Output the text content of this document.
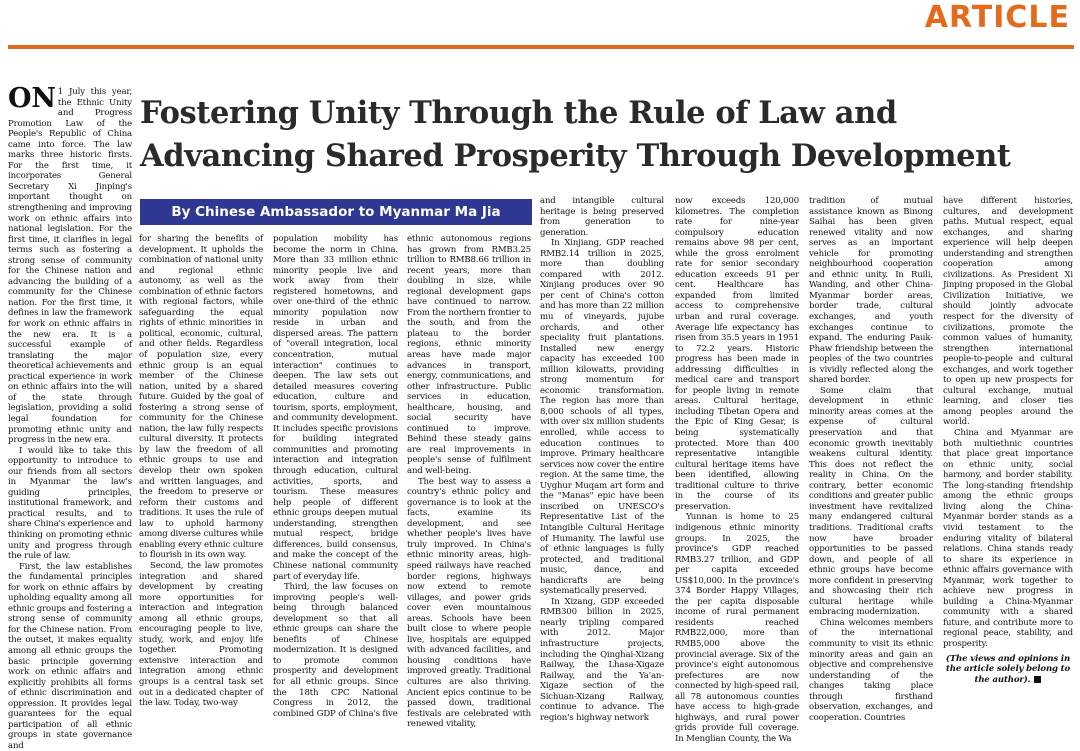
ARTICLE
Fostering Unity Through the Rule of Law and Advancing Shared Prosperity Through Development
By Chinese Ambassador to Myanmar Ma Jia

ON 1 July this year, the Ethnic Unity and Progress Promotion Law of the People's Republic of China came into force. The law marks three historic firsts. For the first time, it incorporates General Secretary Xi Jinping's important thought on strengthening and improving work on ethnic affairs into national legislation. For the first time, it clarifies in legal terms such as fostering a strong sense of community for the Chinese nation and advancing the building of a community for the Chinese nation. For the first time, it defines in law the framework for work on ethnic affairs in the new era. It is a successful example of translating the major theoretical achievements and practical experience in work on ethnic affairs into the will of the state through legislation, providing a solid legal foundation for promoting ethnic unity and progress in the new era.

I would like to take this opportunity to introduce to our friends from all sectors in Myanmar the law's guiding principles, institutional framework, and practical results, and to share China's experience and thinking on promoting ethnic unity and progress through the rule of law.

First, the law establishes the fundamental principles for work on ethnic affairs by upholding equality among all ethnic groups and fostering a strong sense of community for the Chinese nation. From the outset, it makes equality among all ethnic groups the basic principle governing work on ethnic affairs and explicitly prohibits all forms of ethnic discrimination and oppression. It provides legal guarantees for the equal participation of all ethnic groups in state governance and

for sharing the benefits of development. It upholds the combination of national unity and regional ethnic autonomy, as well as the combination of ethnic factors with regional factors, while safeguarding the equal rights of ethnic minorities in political, economic, cultural, and other fields. Regardless of population size, every ethnic group is an equal member of the Chinese nation, united by a shared future. Guided by the goal of fostering a strong sense of community for the Chinese nation, the law fully respects cultural diversity. It protects by law the freedom of all ethnic groups to use and develop their own spoken and written languages, and the freedom to preserve or reform their customs and traditions. It uses the rule of law to uphold harmony among diverse cultures while enabling every ethnic culture to flourish in its own way.

Second, the law promotes integration and shared development by creating more opportunities for interaction and integration among all ethnic groups, encouraging people to live, study, work, and enjoy life together. Promoting extensive interaction and integration among ethnic groups is a central task set out in a dedicated chapter of the law. Today, two-way

population mobility has become the norm in China. More than 33 million ethnic minority people live and work away from their registered hometowns, and over one-third of the ethnic minority population now reside in urban and dispersed areas. The pattern of "overall integration, local concentration, mutual interaction" continues to deepen. The law sets out detailed measures covering education, culture and tourism, sports, employment, and community development. It includes specific provisions for building integrated communities and promoting interaction and integration through education, cultural activities, sports, and tourism. These measures help people of different ethnic groups deepen mutual understanding, strengthen mutual respect, bridge differences, build consensus, and make the concept of the Chinese national community part of everyday life.

Third, the law focuses on improving people's well-being through balanced development so that all ethnic groups can share the benefits of Chinese modernization. It is designed to promote common prosperity and development for all ethnic groups. Since the 18th CPC National Congress in 2012, the combined GDP of China's five

ethnic autonomous regions has grown from RMB3.25 trillion to RMB8.66 trillion in recent years, more than doubling in size, while regional development gaps have continued to narrow. From the northern frontier to the south, and from the plateau to the border regions, ethnic minority areas have made major advances in transport, energy, communications, and other infrastructure. Public services in education, healthcare, housing, and social security have continued to improve. Behind these steady gains are real improvements in people's sense of fulfilment and well-being.

The best way to assess a country's ethnic policy and governance is to look at the facts, examine its development, and see whether people's lives have truly improved. In China's ethnic minority areas, high-speed railways have reached border regions, highways now extend to remote villages, and power grids cover even mountainous areas. Schools have been built close to where people live, hospitals are equipped with advanced facilities, and housing conditions have improved greatly. Traditional cultures are also thriving. Ancient epics continue to be passed down, traditional festivals are celebrated with renewed vitality,

and intangible cultural heritage is being preserved from generation to generation.

In Xinjiang, GDP reached RMB2.14 trillion in 2025, more than doubling compared with 2012. Xinjiang produces over 90 per cent of China's cotton and has more than 22 million mu of vineyards, jujube orchards, and other speciality fruit plantations. Installed new energy capacity has exceeded 100 million kilowatts, providing strong momentum for economic transformation. The region has more than 8,000 schools of all types, with over six million students enrolled, while access to education continues to improve. Primary healthcare services now cover the entire region. At the same time, the Uyghur Muqam art form and the "Manas" epic have been inscribed on UNESCO's Representative List of the Intangible Cultural Heritage of Humanity. The lawful use of ethnic languages is fully protected, and traditional music, dance, and handicrafts are being systematically preserved.

In Xizang, GDP exceeded RMB300 billion in 2025, nearly tripling compared with 2012. Major infrastructure projects, including the Qinghai-Xizang Railway, the Lhasa-Xigaze Railway, and the Ya'an-Xigaze section of the Sichuan-Xizang Railway, continue to advance. The region's highway network

now exceeds 120,000 kilometres. The completion rate for nine-year compulsory education remains above 98 per cent, while the gross enrolment rate for senior secondary education exceeds 91 per cent. Healthcare has expanded from limited access to comprehensive urban and rural coverage. Average life expectancy has risen from 35.5 years in 1951 to 72.2 years. Historic progress has been made in addressing difficulties in medical care and transport for people living in remote areas. Cultural heritage, including Tibetan Opera and the Epic of King Gesar, is being systematically protected. More than 400 representative intangible cultural heritage items have been identified, allowing traditional culture to thrive in the course of its preservation.

Yunnan is home to 25 indigenous ethnic minority groups. In 2025, the province's GDP reached RMB3.27 trillion, and GDP per capita exceeded US$10,000. In the province's 374 Border Happy Villages, the per capita disposable income of rural permanent residents reached RMB22,000, more than RMB5,000 above the provincial average. Six of the province's eight autonomous prefectures are now connected by high-speed rail, all 78 autonomous counties have access to high-grade highways, and rural power grids provide full coverage. In Menglian County, the Wa

tradition of mutual assistance known as Binong Saihai has been given renewed vitality and now serves as an important vehicle for promoting neighbourhood cooperation and ethnic unity. In Ruili, Wanding, and other China-Myanmar border areas, border trade, cultural exchanges, and youth exchanges continue to expand. The enduring Pauk-Phaw friendship between the peoples of the two countries is vividly reflected along the shared border.

Some claim that development in ethnic minority areas comes at the expense of cultural preservation and that economic growth inevitably weakens cultural identity. This does not reflect the reality in China. On the contrary, better economic conditions and greater public investment have revitalized many endangered cultural traditions. Traditional crafts now have broader opportunities to be passed down, and people of all ethnic groups have become more confident in preserving and showcasing their rich cultural heritage while embracing modernization.

China welcomes members of the international community to visit its ethnic minority areas and gain an objective and comprehensive understanding of the changes taking place through firsthand observation, exchanges, and cooperation. Countries

have different histories, cultures, and development paths. Mutual respect, equal exchanges, and sharing experience will help deepen understanding and strengthen cooperation among civilizations. As President Xi Jinping proposed in the Global Civilization Initiative, we should jointly advocate respect for the diversity of civilizations, promote the common values of humanity, strengthen international people-to-people and cultural exchanges, and work together to open up new prospects for cultural exchange, mutual learning, and closer ties among peoples around the world.

China and Myanmar are both multiethnic countries that place great importance on ethnic unity, social harmony, and border stability. The long-standing friendship among the ethnic groups living along the China-Myanmar border stands as a vivid testament to the enduring vitality of bilateral relations. China stands ready to share its experience in ethnic affairs governance with Myanmar, work together to achieve new progress in building a China-Myanmar community with a shared future, and contribute more to regional peace, stability, and prosperity.

(The views and opinions in the article solely belong to the author).
